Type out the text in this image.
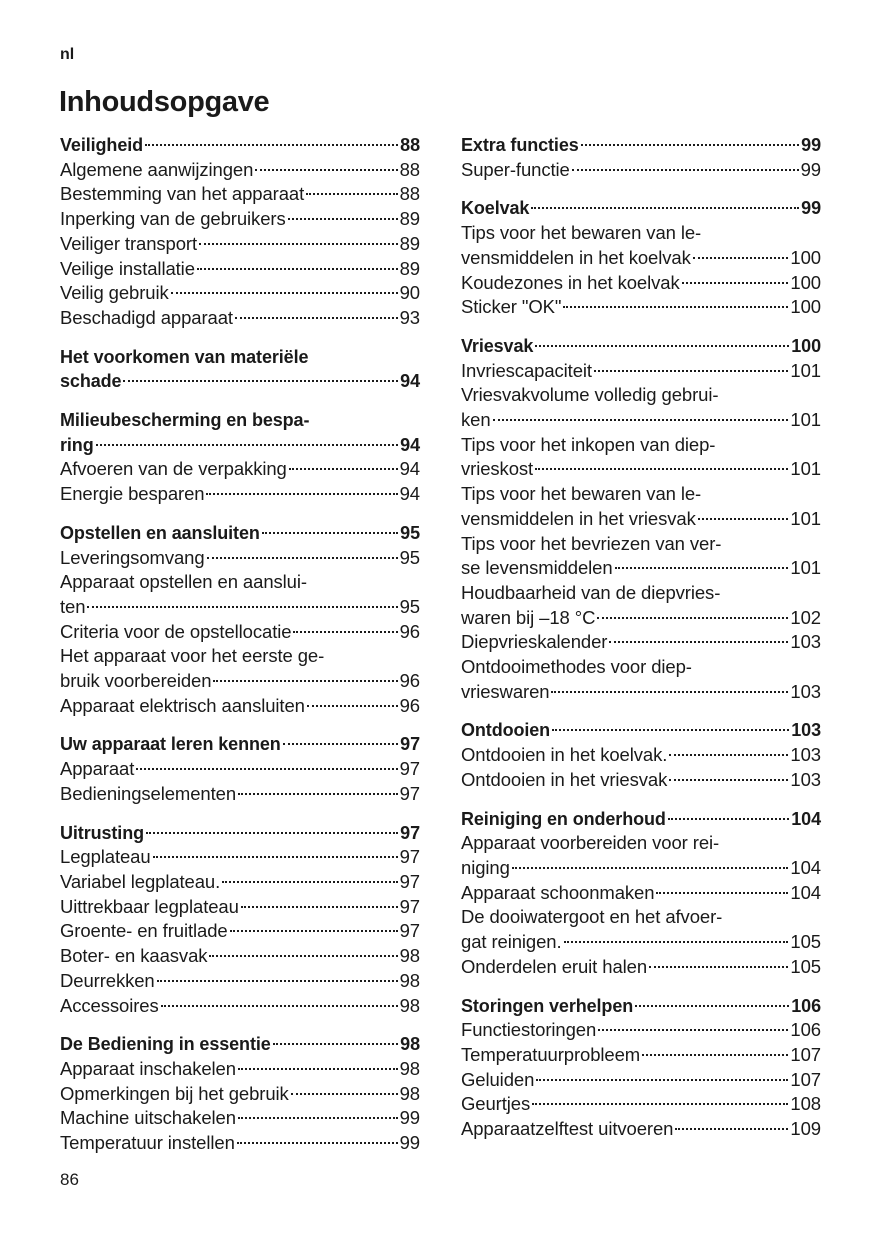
nl
Inhoudsopgave
Veiligheid	88
Algemene aanwijzingen	88
Bestemming van het apparaat	88
Inperking van de gebruikers	89
Veiliger transport	89
Veilige installatie	89
Veilig gebruik	90
Beschadigd apparaat	93
Het voorkomen van materiële
schade	94
Milieubescherming en bespa-
ring	94
Afvoeren van de verpakking	94
Energie besparen	94
Opstellen en aansluiten	95
Leveringsomvang	95
Apparaat opstellen en aanslui-
ten	95
Criteria voor de opstellocatie	96
Het apparaat voor het eerste ge-
bruik voorbereiden	96
Apparaat elektrisch aansluiten	96
Uw apparaat leren kennen	97
Apparaat	97
Bedieningselementen	97
Uitrusting	97
Legplateau	97
Variabel legplateau.	97
Uittrekbaar legplateau	97
Groente- en fruitlade	97
Boter- en kaasvak	98
Deurrekken	98
Accessoires	98
De Bediening in essentie	98
Apparaat inschakelen	98
Opmerkingen bij het gebruik	98
Machine uitschakelen	99
Temperatuur instellen	99
Extra functies	99
Super-functie	99
Koelvak	99
Tips voor het bewaren van le-
vensmiddelen in het koelvak	100
Koudezones in het koelvak	100
Sticker "OK"	100
Vriesvak	100
Invriescapaciteit	101
Vriesvakvolume volledig gebrui-
ken	101
Tips voor het inkopen van diep-
vrieskost	101
Tips voor het bewaren van le-
vensmiddelen in het vriesvak	101
Tips voor het bevriezen van ver-
se levensmiddelen	101
Houdbaarheid van de diepvries-
waren bij –18 °C	102
Diepvrieskalender	103
Ontdooimethodes voor diep-
vrieswaren	103
Ontdooien	103
Ontdooien in het koelvak.	103
Ontdooien in het vriesvak	103
Reiniging en onderhoud	104
Apparaat voorbereiden voor rei-
niging	104
Apparaat schoonmaken	104
De dooiwatergoot en het afvoer-
gat reinigen.	105
Onderdelen eruit halen	105
Storingen verhelpen	106
Functiestoringen	106
Temperatuurprobleem	107
Geluiden	107
Geurtjes	108
Apparaatzelftest uitvoeren	109
86
